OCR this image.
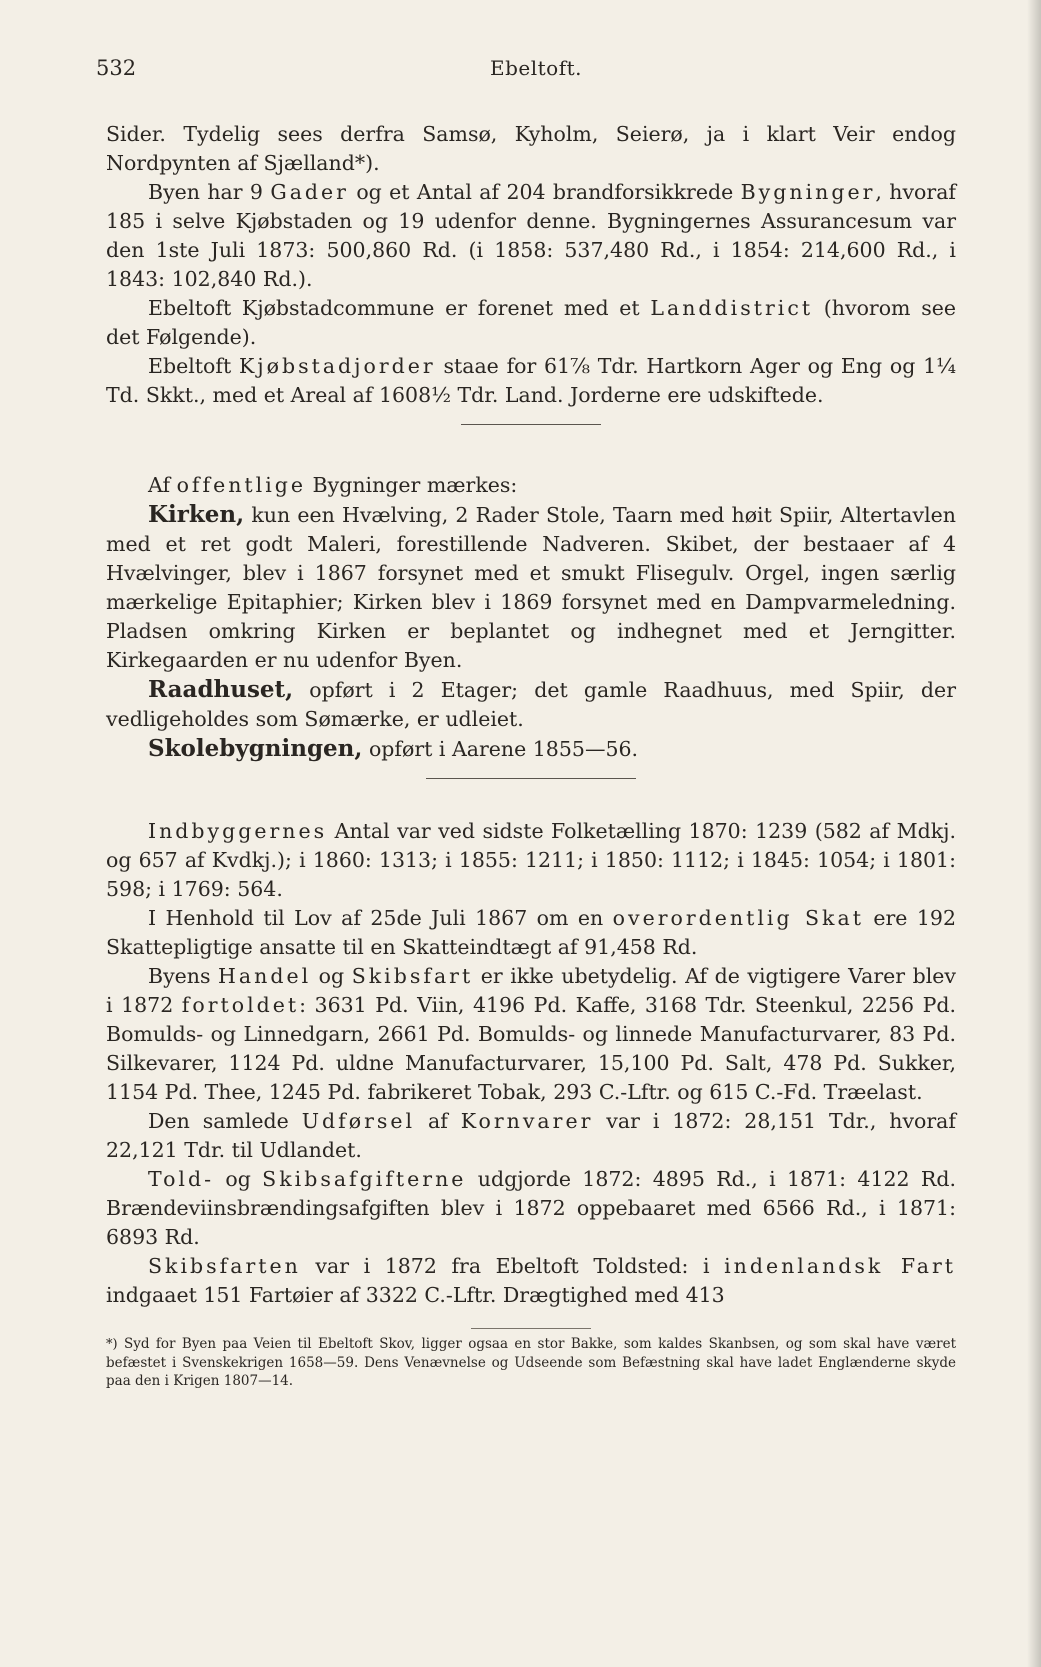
532	Ebeltoft.

Sider. Tydelig sees derfra Samsø, Kyholm, Seierø, ja i klart Veir endog Nordpynten af Sjælland*).

Byen har 9 Gader og et Antal af 204 brandforsikkrede Bygninger, hvoraf 185 i selve Kjøbstaden og 19 udenfor denne. Bygningernes Assurancesum var den 1ste Juli 1873: 500,860 Rd. (i 1858: 537,480 Rd., i 1854: 214,600 Rd., i 1843: 102,840 Rd.).

Ebeltoft Kjøbstadcommune er forenet med et Landdistrict (hvorom see det Følgende).

Ebeltoft Kjøbstadjorder staae for 61⅞ Tdr. Hartkorn Ager og Eng og 1¼ Td. Skkt., med et Areal af 1608½ Tdr. Land. Jorderne ere udskiftede.

Af offentlige Bygninger mærkes:

Kirken, kun een Hvælving, 2 Rader Stole, Taarn med høit Spiir, Altertavlen med et ret godt Maleri, forestillende Nadveren. Skibet, der bestaaer af 4 Hvælvinger, blev i 1867 forsynet med et smukt Flisegulv. Orgel, ingen særlig mærkelige Epitaphier; Kirken blev i 1869 forsynet med en Dampvarmeledning. Pladsen omkring Kirken er beplantet og indhegnet med et Jerngitter. Kirkegaarden er nu udenfor Byen.

Raadhuset, opført i 2 Etager; det gamle Raadhuus, med Spiir, der vedligeholdes som Sømærke, er udleiet.

Skolebygningen, opført i Aarene 1855—56.

Indbyggernes Antal var ved sidste Folketælling 1870: 1239 (582 af Mdkj. og 657 af Kvdkj.); i 1860: 1313; i 1855: 1211; i 1850: 1112; i 1845: 1054; i 1801: 598; i 1769: 564.

I Henhold til Lov af 25de Juli 1867 om en overordentlig Skat ere 192 Skattepligtige ansatte til en Skatteindtægt af 91,458 Rd.

Byens Handel og Skibsfart er ikke ubetydelig. Af de vigtigere Varer blev i 1872 fortoldet: 3631 Pd. Viin, 4196 Pd. Kaffe, 3168 Tdr. Steenkul, 2256 Pd. Bomulds- og Linnedgarn, 2661 Pd. Bomulds- og linnede Manufacturvarer, 83 Pd. Silkevarer, 1124 Pd. uldne Manufacturvarer, 15,100 Pd. Salt, 478 Pd. Sukker, 1154 Pd. Thee, 1245 Pd. fabrikeret Tobak, 293 C.-Lftr. og 615 C.-Fd. Træelast.

Den samlede Udførsel af Kornvarer var i 1872: 28,151 Tdr., hvoraf 22,121 Tdr. til Udlandet.

Told- og Skibsafgifterne udgjorde 1872: 4895 Rd., i 1871: 4122 Rd. Brændeviinsbrændingsafgiften blev i 1872 oppebaaret med 6566 Rd., i 1871: 6893 Rd.

Skibsfarten var i 1872 fra Ebeltoft Toldsted: i indenlandsk Fart indgaaet 151 Fartøier af 3322 C.-Lftr. Drægtighed med 413

*) Syd for Byen paa Veien til Ebeltoft Skov, ligger ogsaa en stor Bakke, som kaldes Skanbsen, og som skal have været befæstet i Svenskekrigen 1658—59. Dens Venævnelse og Udseende som Befæstning skal have ladet Englænderne skyde paa den i Krigen 1807—14.
